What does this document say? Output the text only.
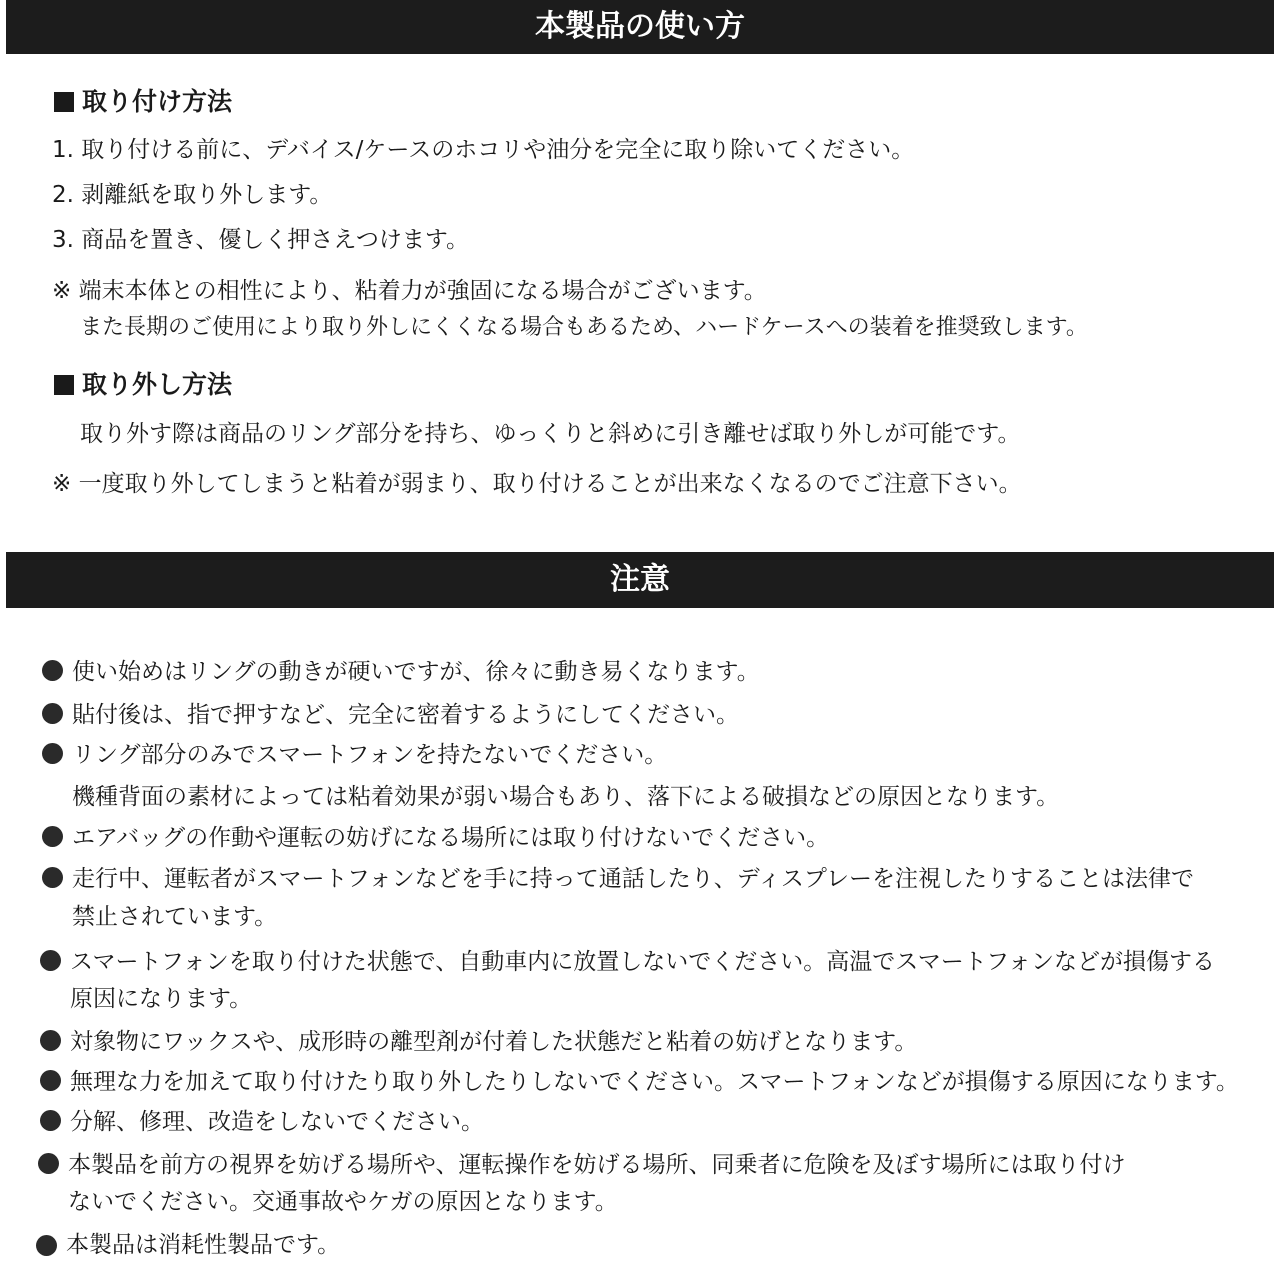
本製品の使い方
取り付け方法
1. 取り付ける前に、デバイス/ケースのホコリや油分を完全に取り除いてください。
2. 剥離紙を取り外します。
3. 商品を置き、優しく押さえつけます。
※ 端末本体との相性により、粘着力が強固になる場合がございます。
また長期のご使用により取り外しにくくなる場合もあるため、ハードケースへの装着を推奨致します。
取り外し方法
取り外す際は商品のリング部分を持ち、ゆっくりと斜めに引き離せば取り外しが可能です。
※ 一度取り外してしまうと粘着が弱まり、取り付けることが出来なくなるのでご注意下さい。
注意
使い始めはリングの動きが硬いですが、徐々に動き易くなります。
貼付後は、指で押すなど、完全に密着するようにしてください。
リング部分のみでスマートフォンを持たないでください。
機種背面の素材によっては粘着効果が弱い場合もあり、落下による破損などの原因となります。
エアバッグの作動や運転の妨げになる場所には取り付けないでください。
走行中、運転者がスマートフォンなどを手に持って通話したり、ディスプレーを注視したりすることは法律で
禁止されています。
スマートフォンを取り付けた状態で、自動車内に放置しないでください。高温でスマートフォンなどが損傷する
原因になります。
対象物にワックスや、成形時の離型剤が付着した状態だと粘着の妨げとなります。
無理な力を加えて取り付けたり取り外したりしないでください。スマートフォンなどが損傷する原因になります。
分解、修理、改造をしないでください。
本製品を前方の視界を妨げる場所や、運転操作を妨げる場所、同乗者に危険を及ぼす場所には取り付け
ないでください。交通事故やケガの原因となります。
本製品は消耗性製品です。
